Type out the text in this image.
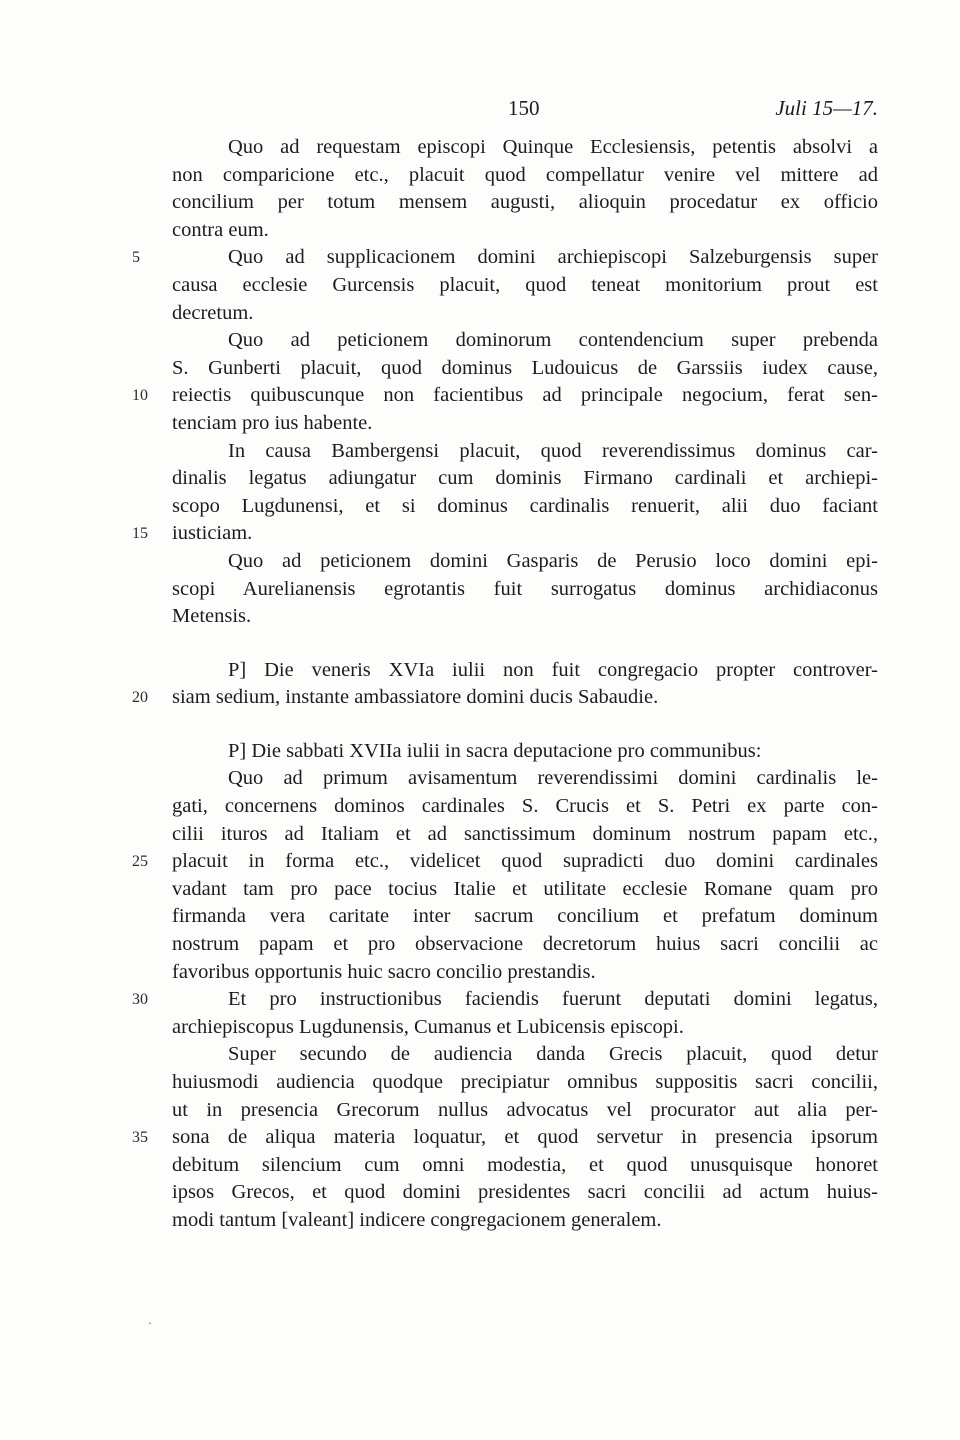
150	Juli 15—17.
Quo ad requestam episcopi Quinque Ecclesiensis, petentis absolvi a
non comparicione etc., placuit quod compellatur venire vel mittere ad
concilium per totum mensem augusti, alioquin procedatur ex officio
contra eum.
Quo ad supplicacionem domini archiepiscopi Salzeburgensis super
5
causa ecclesie Gurcensis placuit, quod teneat monitorium prout est
decretum.
Quo ad peticionem dominorum contendencium super prebenda
S. Gunberti placuit, quod dominus Ludouicus de Garssiis iudex cause,
reiectis quibuscunque non facientibus ad principale negocium, ferat sen-
10
tenciam pro ius habente.
In causa Bambergensi placuit, quod reverendissimus dominus car-
dinalis legatus adiungatur cum dominis Firmano cardinali et archiepi-
scopo Lugdunensi, et si dominus cardinalis renuerit, alii duo faciant
iusticiam.
15
Quo ad peticionem domini Gasparis de Perusio loco domini epi-
scopi Aurelianensis egrotantis fuit surrogatus dominus archidiaconus
Metensis.
P] Die veneris XVIa iulii non fuit congregacio propter controver-
siam sedium, instante ambassiatore domini ducis Sabaudie.
20
P] Die sabbati XVIIa iulii in sacra deputacione pro communibus:
Quo ad primum avisamentum reverendissimi domini cardinalis le-
gati, concernens dominos cardinales S. Crucis et S. Petri ex parte con-
cilii ituros ad Italiam et ad sanctissimum dominum nostrum papam etc.,
placuit in forma etc., videlicet quod supradicti duo domini cardinales
25
vadant tam pro pace tocius Italie et utilitate ecclesie Romane quam pro
firmanda vera caritate inter sacrum concilium et prefatum dominum
nostrum papam et pro observacione decretorum huius sacri concilii ac
favoribus opportunis huic sacro concilio prestandis.
Et pro instructionibus faciendis fuerunt deputati domini legatus,
30
archiepiscopus Lugdunensis, Cumanus et Lubicensis episcopi.
Super secundo de audiencia danda Grecis placuit, quod detur
huiusmodi audiencia quodque precipiatur omnibus suppositis sacri concilii,
ut in presencia Grecorum nullus advocatus vel procurator aut alia per-
sona de aliqua materia loquatur, et quod servetur in presencia ipsorum
35
debitum silencium cum omni modestia, et quod unusquisque honoret
ipsos Grecos, et quod domini presidentes sacri concilii ad actum huius-
modi tantum [valeant] indicere congregacionem generalem.
·
